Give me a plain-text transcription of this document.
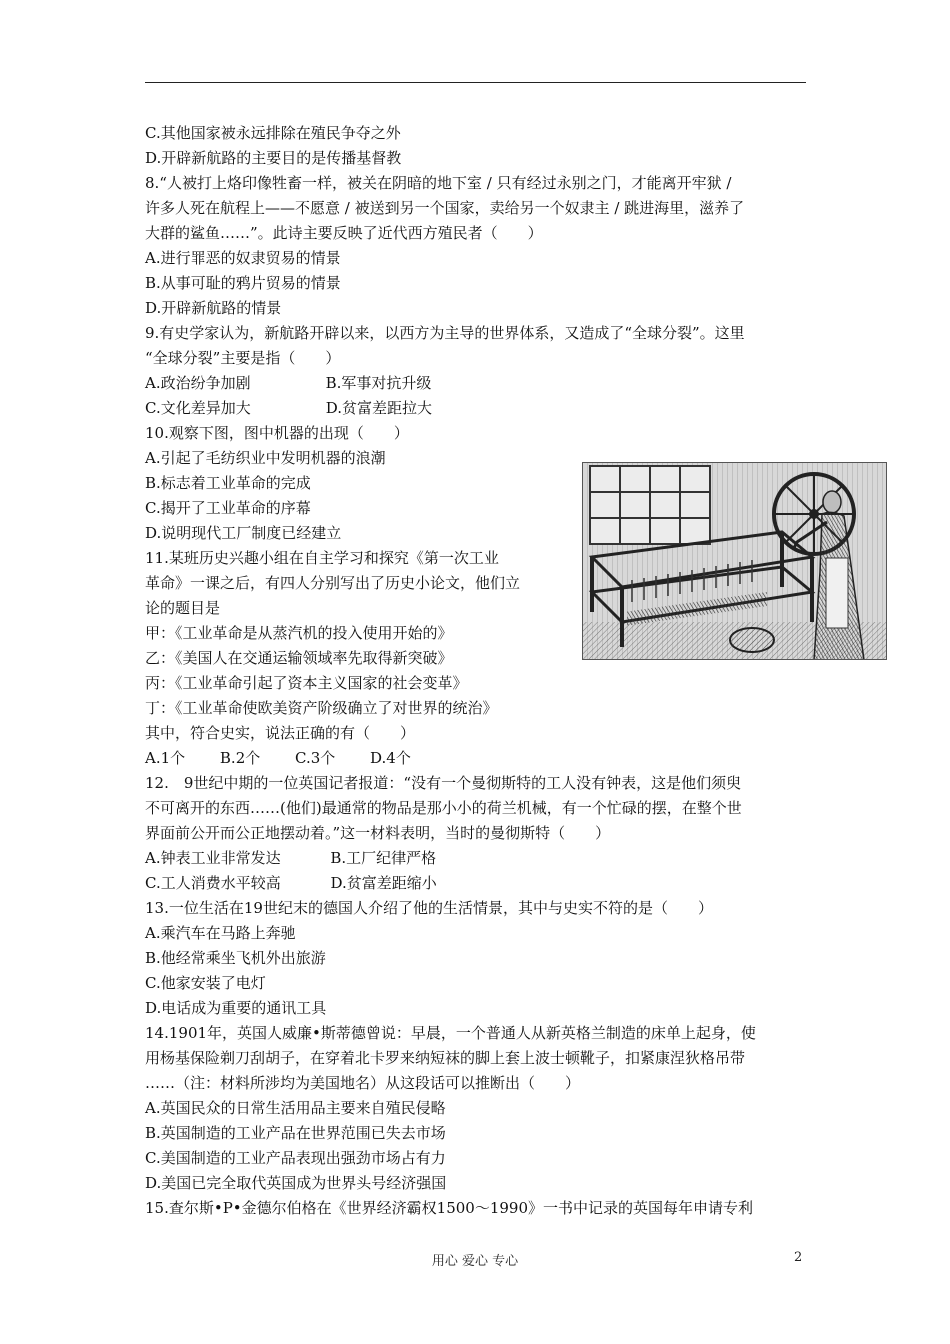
C.其他国家被永远排除在殖民争夺之外
D.开辟新航路的主要目的是传播基督教
8.“人被打上烙印像牲畜一样，被关在阴暗的地下室 / 只有经过永别之门，才能离开牢狱 /
许多人死在航程上——不愿意 / 被送到另一个国家，卖给另一个奴隶主 / 跳进海里，滋养了
大群的鲨鱼……”。此诗主要反映了近代西方殖民者（　　）
A.进行罪恶的奴隶贸易的情景
B.从事可耻的鸦片贸易的情景
D.开辟新航路的情景
9.有史学家认为，新航路开辟以来，以西方为主导的世界体系，又造成了“全球分裂”。这里
“全球分裂”主要是指（　　）
A.政治纷争加剧　　　　　B.军事对抗升级
C.文化差异加大　　　　　D.贫富差距拉大
10.观察下图，图中机器的出现（　　）
A.引起了毛纺织业中发明机器的浪潮
B.标志着工业革命的完成
C.揭开了工业革命的序幕
D.说明现代工厂制度已经建立
11.某班历史兴趣小组在自主学习和探究《第一次工业
革命》一课之后，有四人分别写出了历史小论文，他们立
论的题目是
甲：《工业革命是从蒸汽机的投入使用开始的》
乙：《美国人在交通运输领域率先取得新突破》
丙：《工业革命引起了资本主义国家的社会变革》
丁：《工业革命使欧美资产阶级确立了对世界的统治》
其中，符合史实，说法正确的有（　　）
A.1个　　 B.2个　　 C.3个　　 D.4个
12.　9世纪中期的一位英国记者报道：“没有一个曼彻斯特的工人没有钟表，这是他们须臾
不可离开的东西……(他们)最通常的物品是那小小的荷兰机械，有一个忙碌的摆，在整个世
界面前公开而公正地摆动着。”这一材料表明，当时的曼彻斯特（　　）
A.钟表工业非常发达　　　 B.工厂纪律严格
C.工人消费水平较高　　　 D.贫富差距缩小
13.一位生活在19世纪末的德国人介绍了他的生活情景，其中与史实不符的是（　　）
A.乘汽车在马路上奔驰
B.他经常乘坐飞机外出旅游
C.他家安装了电灯
D.电话成为重要的通讯工具
14.1901年，英国人威廉•斯蒂德曾说：早晨，一个普通人从新英格兰制造的床单上起身，使
用杨基保险剃刀刮胡子，在穿着北卡罗来纳短袜的脚上套上波士顿靴子，扣紧康涅狄格吊带
……（注：材料所涉均为美国地名）从这段话可以推断出（　　）
A.英国民众的日常生活用品主要来自殖民侵略
B.英国制造的工业产品在世界范围已失去市场
C.美国制造的工业产品表现出强劲市场占有力
D.美国已完全取代英国成为世界头号经济强国
15.查尔斯•P•金德尔伯格在《世界经济霸权1500～1990》一书中记录的英国每年申请专利
用心 爱心 专心	2
